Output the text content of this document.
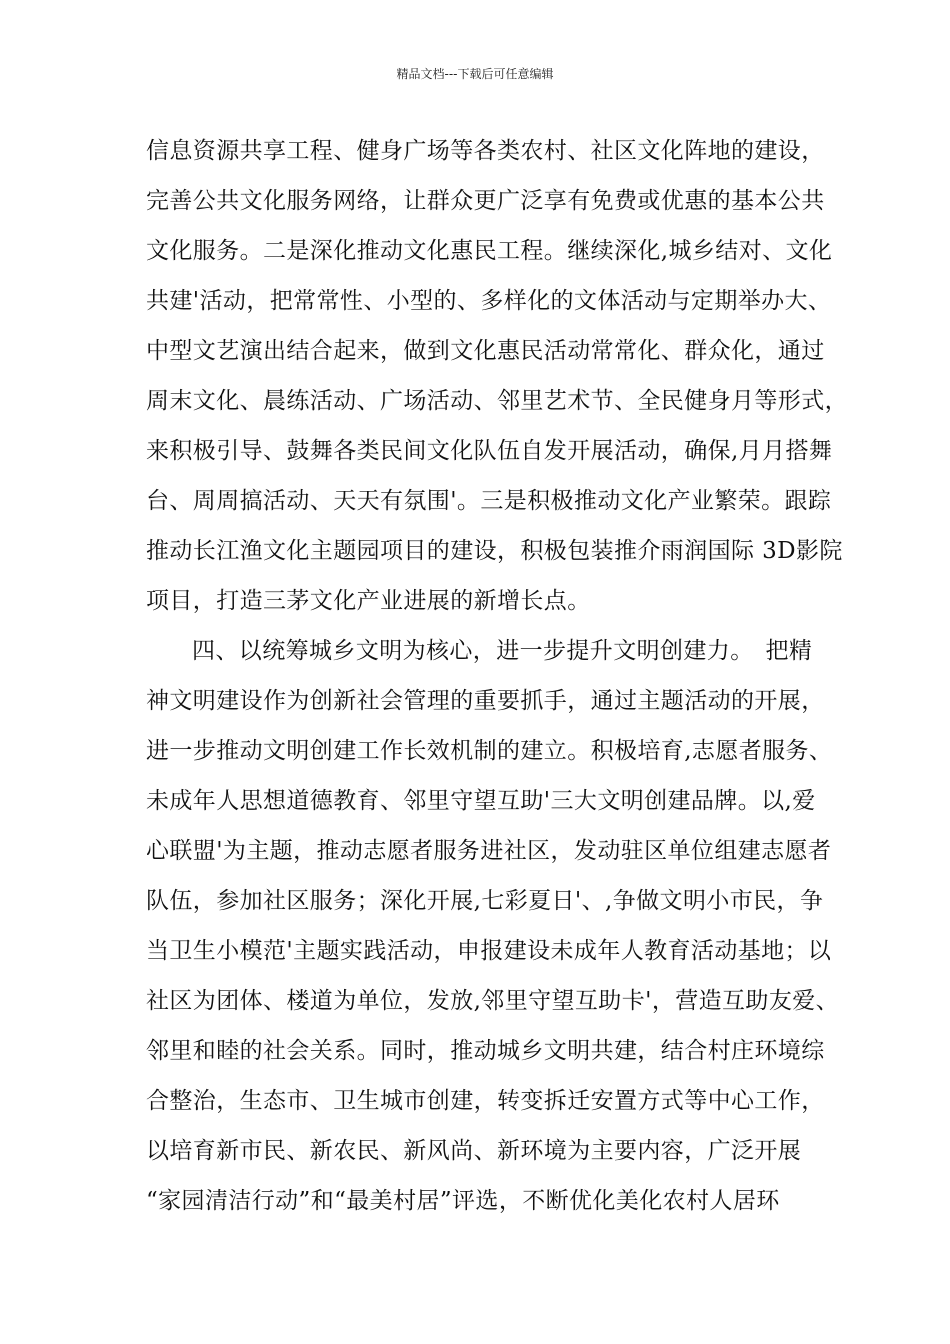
精品文档---下载后可任意编辑
信息资源共享工程、健身广场等各类农村、社区文化阵地的建设，
完善公共文化服务网络，让群众更广泛享有免费或优惠的基本公共
文化服务。二是深化推动文化惠民工程。继续深化,城乡结对、文化
共建'活动，把常常性、小型的、多样化的文体活动与定期举办大、
中型文艺演出结合起来，做到文化惠民活动常常化、群众化，通过
周末文化、晨练活动、广场活动、邻里艺术节、全民健身月等形式，
来积极引导、鼓舞各类民间文化队伍自发开展活动，确保,月月搭舞
台、周周搞活动、天天有氛围'。三是积极推动文化产业繁荣。跟踪
推动长江渔文化主题园项目的建设，积极包装推介雨润国际 3D影院
项目，打造三茅文化产业进展的新增长点。
四、以统筹城乡文明为核心，进一步提升文明创建力。　把精
神文明建设作为创新社会管理的重要抓手，通过主题活动的开展，
进一步推动文明创建工作长效机制的建立。积极培育,志愿者服务、
未成年人思想道德教育、邻里守望互助'三大文明创建品牌。以,爱
心联盟'为主题，推动志愿者服务进社区，发动驻区单位组建志愿者
队伍，参加社区服务；深化开展,七彩夏日'、,争做文明小市民，争
当卫生小模范'主题实践活动，申报建设未成年人教育活动基地；以
社区为团体、楼道为单位，发放,邻里守望互助卡'，营造互助友爱、
邻里和睦的社会关系。同时，推动城乡文明共建，结合村庄环境综
合整治，生态市、卫生城市创建，转变拆迁安置方式等中心工作，
以培育新市民、新农民、新风尚、新环境为主要内容，广泛开展
“家园清洁行动”和“最美村居”评选，不断优化美化农村人居环
